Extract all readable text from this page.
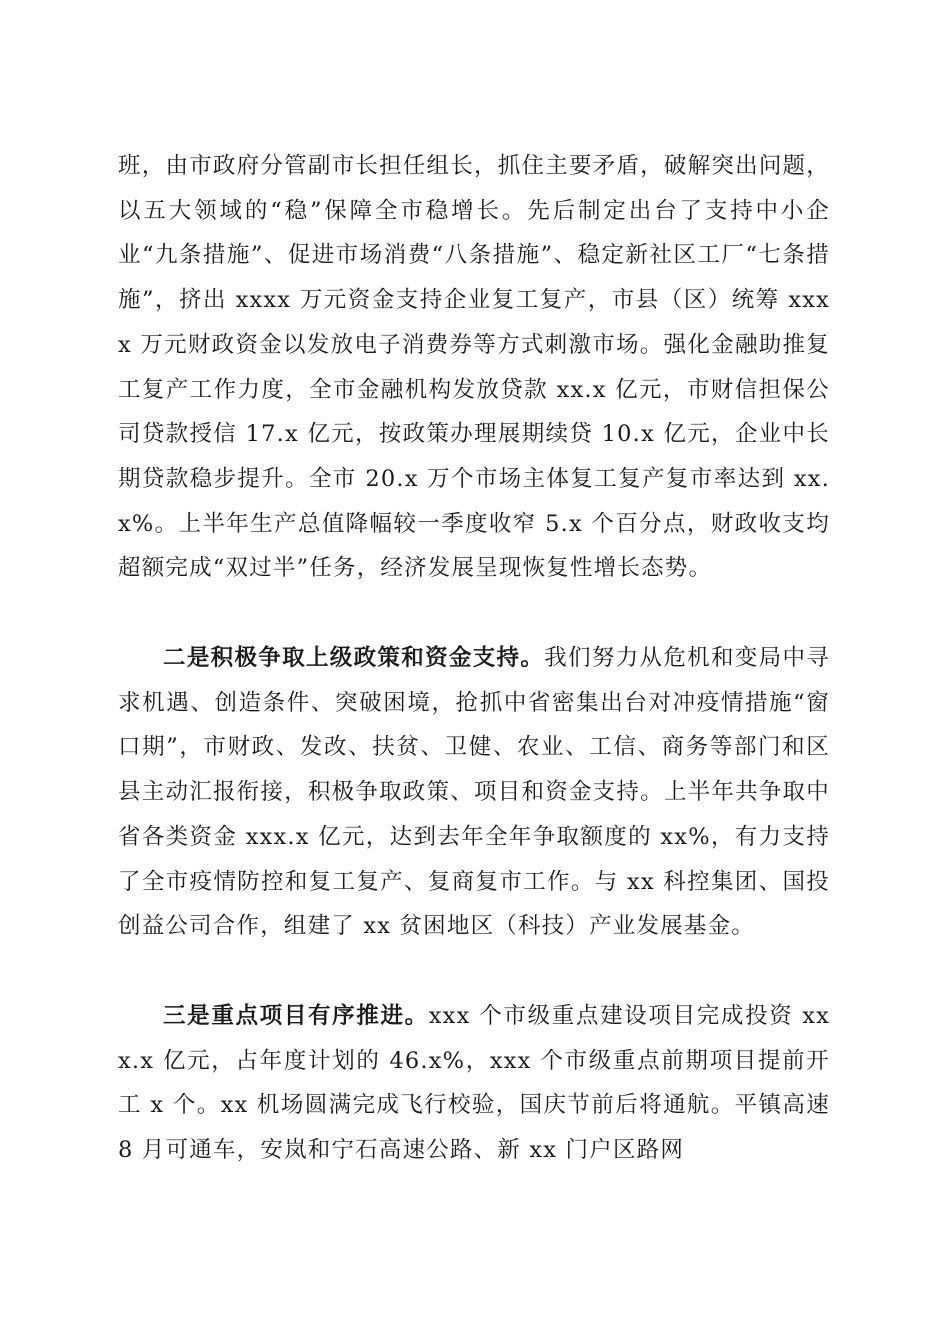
班，由市政府分管副市长担任组长，抓住主要矛盾，破解突出问题，以五大领域的“稳”保障全市稳增长。先后制定出台了支持中小企业“九条措施”、促进市场消费“八条措施”、稳定新社区工厂“七条措施”，挤出 xxxx 万元资金支持企业复工复产，市县（区）统筹 xxxx 万元财政资金以发放电子消费券等方式刺激市场。强化金融助推复工复产工作力度，全市金融机构发放贷款 xx.x 亿元，市财信担保公司贷款授信 17.x 亿元，按政策办理展期续贷 10.x 亿元，企业中长期贷款稳步提升。全市 20.x 万个市场主体复工复产复市率达到 xx.x%。上半年生产总值降幅较一季度收窄 5.x 个百分点，财政收支均超额完成“双过半”任务，经济发展呈现恢复性增长态势。

二是积极争取上级政策和资金支持。我们努力从危机和变局中寻求机遇、创造条件、突破困境，抢抓中省密集出台对冲疫情措施“窗口期”，市财政、发改、扶贫、卫健、农业、工信、商务等部门和区县主动汇报衔接，积极争取政策、项目和资金支持。上半年共争取中省各类资金 xxx.x 亿元，达到去年全年争取额度的 xx%，有力支持了全市疫情防控和复工复产、复商复市工作。与 xx 科控集团、国投创益公司合作，组建了 xx 贫困地区（科技）产业发展基金。

三是重点项目有序推进。xxx 个市级重点建设项目完成投资 xxx.x 亿元，占年度计划的 46.x%，xxx 个市级重点前期项目提前开工 x 个。xx 机场圆满完成飞行校验，国庆节前后将通航。平镇高速 8 月可通车，安岚和宁石高速公路、新 xx 门户区路网
